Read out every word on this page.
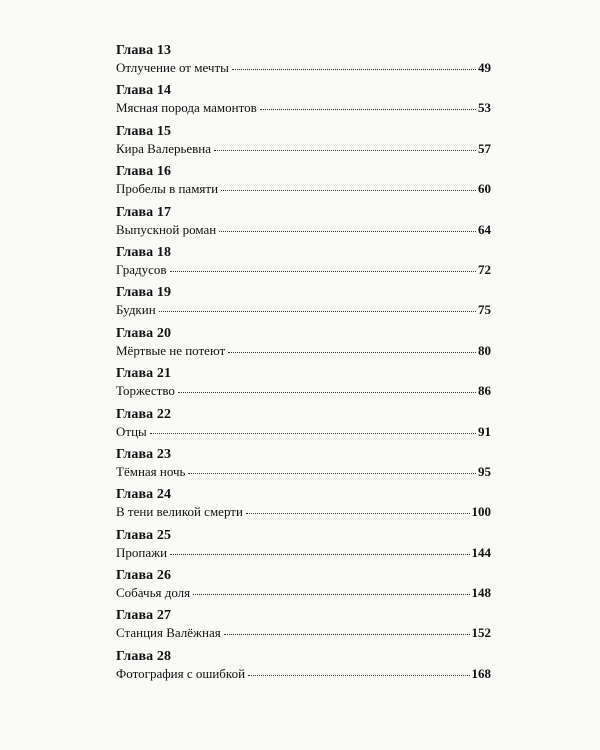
Глава 13
Отлучение от мечты	49
Глава 14
Мясная порода мамонтов	53
Глава 15
Кира Валерьевна	57
Глава 16
Пробелы в памяти	60
Глава 17
Выпускной роман	64
Глава 18
Градусов	72
Глава 19
Будкин	75
Глава 20
Мёртвые не потеют	80
Глава 21
Торжество	86
Глава 22
Отцы	91
Глава 23
Тёмная ночь	95
Глава 24
В тени великой смерти	100
Глава 25
Пропажи	144
Глава 26
Собачья доля	148
Глава 27
Станция Валёжная	152
Глава 28
Фотография с ошибкой	168
